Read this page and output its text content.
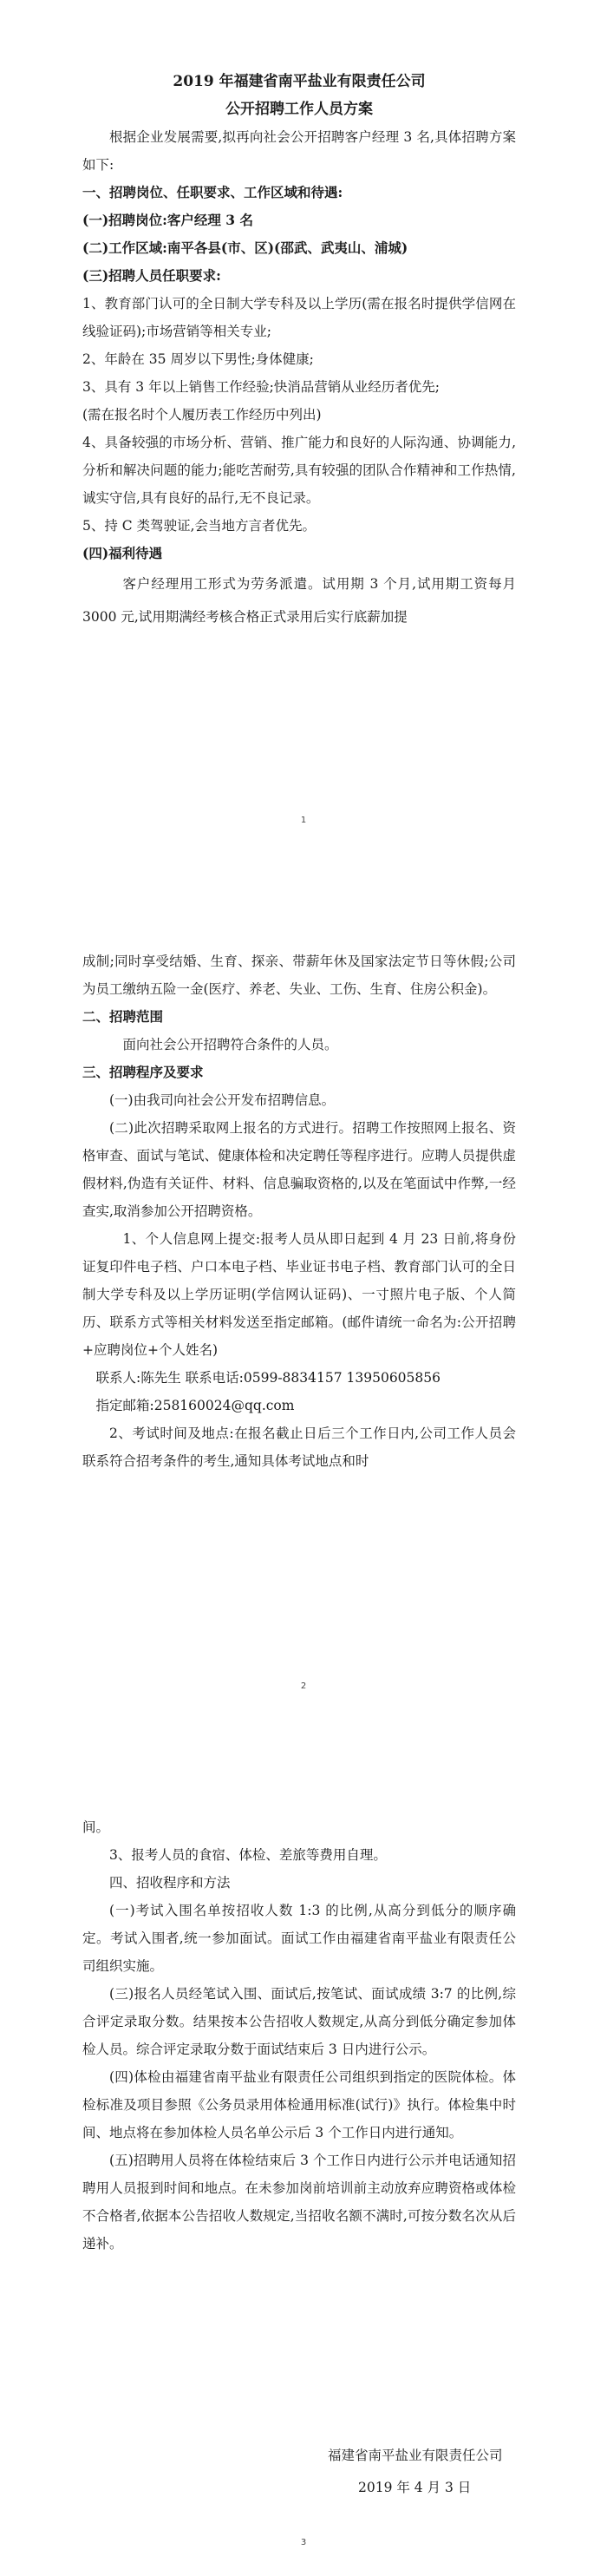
2019 年福建省南平盐业有限责任公司

公开招聘工作人员方案

根据企业发展需要,拟再向社会公开招聘客户经理 3 名,具体招聘方案如下:

一、招聘岗位、任职要求、工作区域和待遇:

(一)招聘岗位:客户经理 3 名

(二)工作区域:南平各县(市、区)(邵武、武夷山、浦城)

(三)招聘人员任职要求:

1、教育部门认可的全日制大学专科及以上学历(需在报名时提供学信网在线验证码);市场营销等相关专业;

2、年龄在 35 周岁以下男性;身体健康;

3、具有 3 年以上销售工作经验;快消品营销从业经历者优先;

(需在报名时个人履历表工作经历中列出)

4、具备较强的市场分析、营销、推广能力和良好的人际沟通、协调能力,分析和解决问题的能力;能吃苦耐劳,具有较强的团队合作精神和工作热情,诚实守信,具有良好的品行,无不良记录。

5、持 C 类驾驶证,会当地方言者优先。

(四)福利待遇

客户经理用工形式为劳务派遣。试用期 3 个月,试用期工资每月 3000 元,试用期满经考核合格正式录用后实行底薪加提

1

成制;同时享受结婚、生育、探亲、带薪年休及国家法定节日等休假;公司为员工缴纳五险一金(医疗、养老、失业、工伤、生育、住房公积金)。

二、招聘范围

面向社会公开招聘符合条件的人员。

三、招聘程序及要求

(一)由我司向社会公开发布招聘信息。

(二)此次招聘采取网上报名的方式进行。招聘工作按照网上报名、资格审查、面试与笔试、健康体检和决定聘任等程序进行。应聘人员提供虚假材料,伪造有关证件、材料、信息骗取资格的,以及在笔面试中作弊,一经查实,取消参加公开招聘资格。

1、个人信息网上提交:报考人员从即日起到 4 月 23 日前,将身份证复印件电子档、户口本电子档、毕业证书电子档、教育部门认可的全日制大学专科及以上学历证明(学信网认证码)、一寸照片电子版、个人简历、联系方式等相关材料发送至指定邮箱。(邮件请统一命名为:公开招聘+应聘岗位+个人姓名)

联系人:陈先生 联系电话:0599-8834157 13950605856

指定邮箱:258160024@qq.com

2、考试时间及地点:在报名截止日后三个工作日内,公司工作人员会联系符合招考条件的考生,通知具体考试地点和时

2

间。

3、报考人员的食宿、体检、差旅等费用自理。

四、招收程序和方法

(一)考试入围名单按招收人数 1:3 的比例,从高分到低分的顺序确定。考试入围者,统一参加面试。面试工作由福建省南平盐业有限责任公司组织实施。

(三)报名人员经笔试入围、面试后,按笔试、面试成绩 3:7 的比例,综合评定录取分数。结果按本公告招收人数规定,从高分到低分确定参加体检人员。综合评定录取分数于面试结束后 3 日内进行公示。

(四)体检由福建省南平盐业有限责任公司组织到指定的医院体检。体检标准及项目参照《公务员录用体检通用标准(试行)》执行。体检集中时间、地点将在参加体检人员名单公示后 3 个工作日内进行通知。

(五)招聘用人员将在体检结束后 3 个工作日内进行公示并电话通知招聘用人员报到时间和地点。在未参加岗前培训前主动放弃应聘资格或体检不合格者,依据本公告招收人数规定,当招收名额不满时,可按分数名次从后递补。

福建省南平盐业有限责任公司
2019 年 4 月 3 日
3
